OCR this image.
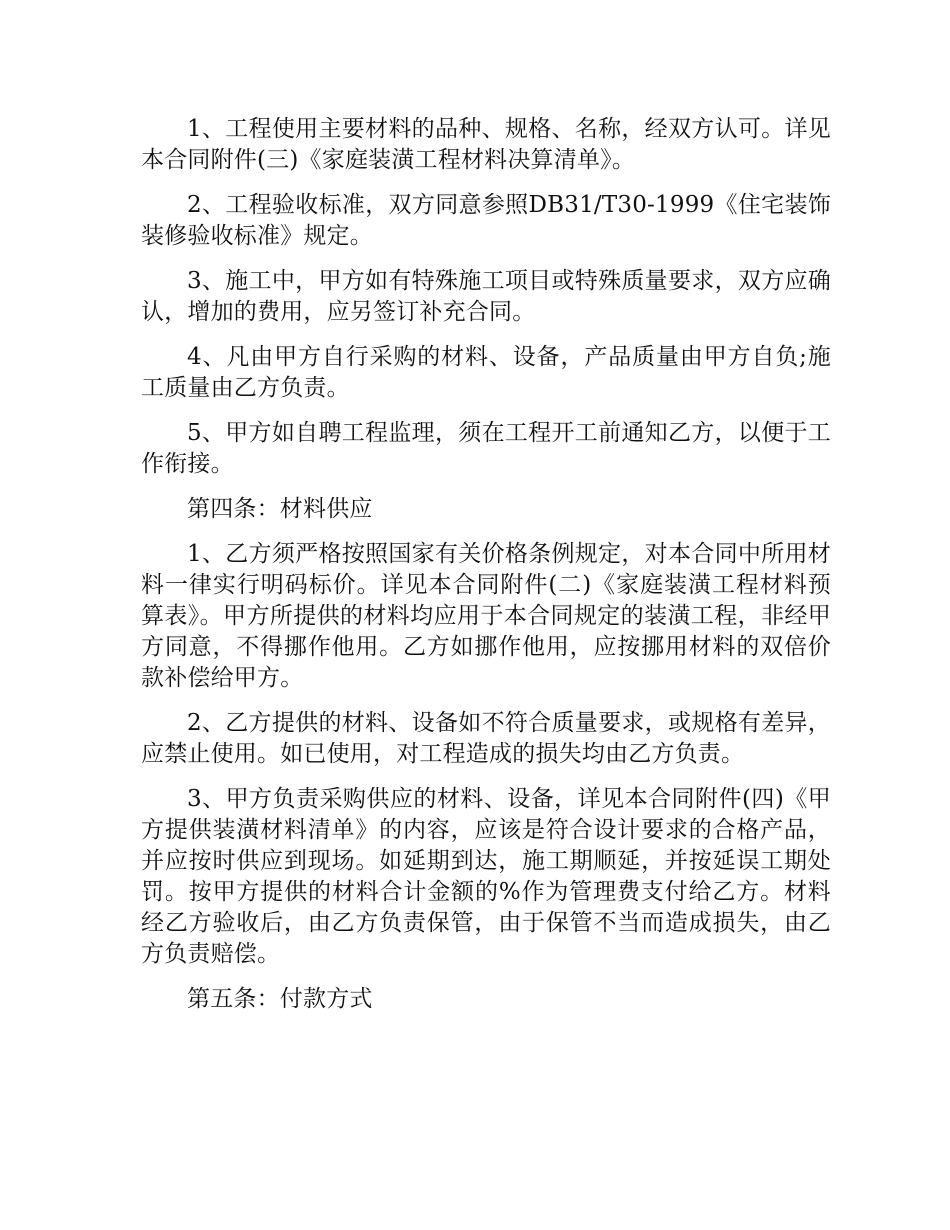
1、工程使用主要材料的品种、规格、名称，经双方认可。详见本合同附件(三)《家庭装潢工程材料决算清单》。

2、工程验收标准，双方同意参照DB31/T30-1999《住宅装饰装修验收标准》规定。

3、施工中，甲方如有特殊施工项目或特殊质量要求，双方应确认，增加的费用，应另签订补充合同。

4、凡由甲方自行采购的材料、设备，产品质量由甲方自负;施工质量由乙方负责。

5、甲方如自聘工程监理，须在工程开工前通知乙方，以便于工作衔接。

第四条：材料供应

1、乙方须严格按照国家有关价格条例规定，对本合同中所用材料一律实行明码标价。详见本合同附件(二)《家庭装潢工程材料预算表》。甲方所提供的材料均应用于本合同规定的装潢工程，非经甲方同意，不得挪作他用。乙方如挪作他用，应按挪用材料的双倍价款补偿给甲方。

2、乙方提供的材料、设备如不符合质量要求，或规格有差异，应禁止使用。如已使用，对工程造成的损失均由乙方负责。

3、甲方负责采购供应的材料、设备，详见本合同附件(四)《甲方提供装潢材料清单》的内容，应该是符合设计要求的合格产品，并应按时供应到现场。如延期到达，施工期顺延，并按延误工期处罚。按甲方提供的材料合计金额的%作为管理费支付给乙方。材料经乙方验收后，由乙方负责保管，由于保管不当而造成损失，由乙方负责赔偿。

第五条：付款方式
